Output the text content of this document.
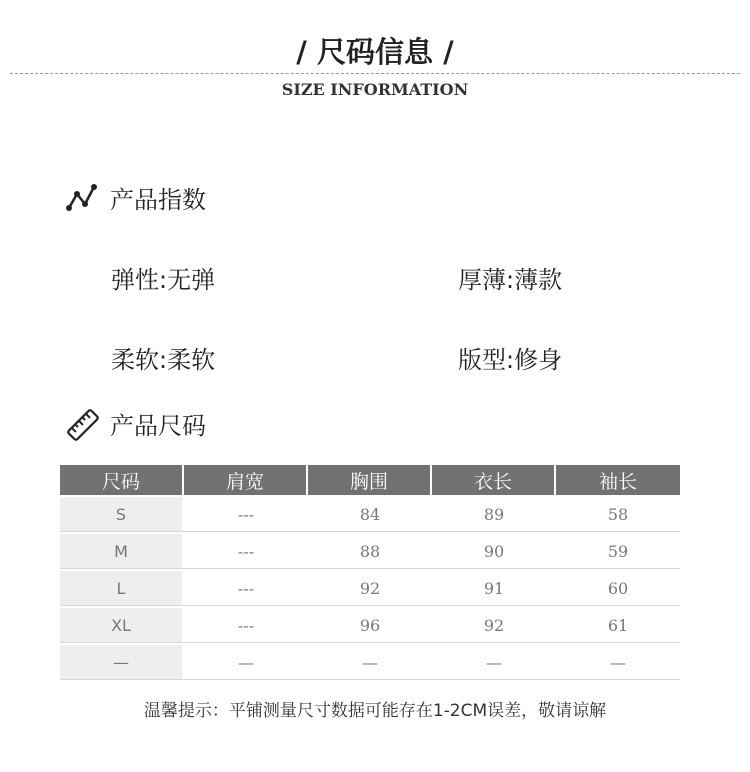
/ 尺码信息 /
SIZE INFORMATION
产品指数
弹性:无弹	厚薄:薄款
柔软:柔软	版型:修身
产品尺码
尺码	肩宽	胸围	衣长	袖长
S	---	84	89	58
M	---	88	90	59
L	---	92	91	60
XL	---	96	92	61
—	—	—	—	—
温馨提示：平铺测量尺寸数据可能存在1-2CM误差，敬请谅解
